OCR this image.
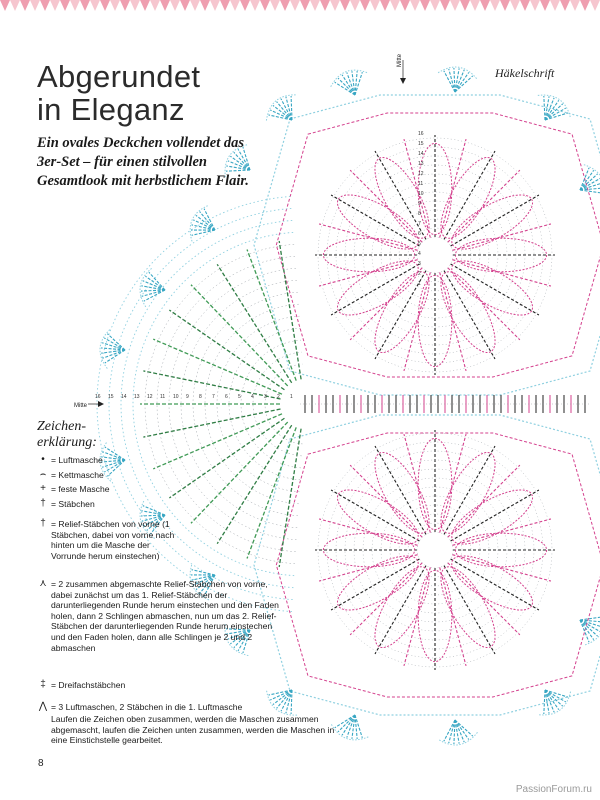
1
2
3
4
5
6
7
8
9
10
11
12
13
14
15
16
1
2
3
4
5
6
7
8
9
10
11
12
13
14
15
16
Abgerundet
in Eleganz
Ein ovales Deckchen vollendet das 3er-Set – für einen stilvollen Gesamtlook mit herbstlichem Flair.
Häkelschrift
Mitte
Mitte
Zeichen-
erklärung:
• = Luftmasche
⌢ = Kettmasche
+ = feste Masche
† = Stäbchen
† = Relief-Stäbchen von vorne (1 Stäbchen, dabei von vorne nach hinten um die Masche der Vorrunde herum einstechen)
⋏ = 2 zusammen abgemaschte Relief-Stäbchen von vorne, dabei zunächst um das 1. Relief-Stäbchen der darunterliegenden Runde herum einstechen und den Faden holen, dann 2 Schlingen abmaschen, nun um das 2. Relief-Stäbchen der darunterliegenden Runde herum einstechen und den Faden holen, dann alle Schlingen je 2 und 2 abmaschen
‡ = Dreifachstäbchen
⋀ = 3 Luftmaschen, 2 Stäbchen in die 1. Luftmasche
Laufen die Zeichen oben zusammen, werden die Maschen zusammen abgemascht, laufen die Zeichen unten zusammen, werden die Maschen in eine Einstichstelle gearbeitet.
8
PassionForum.ru
